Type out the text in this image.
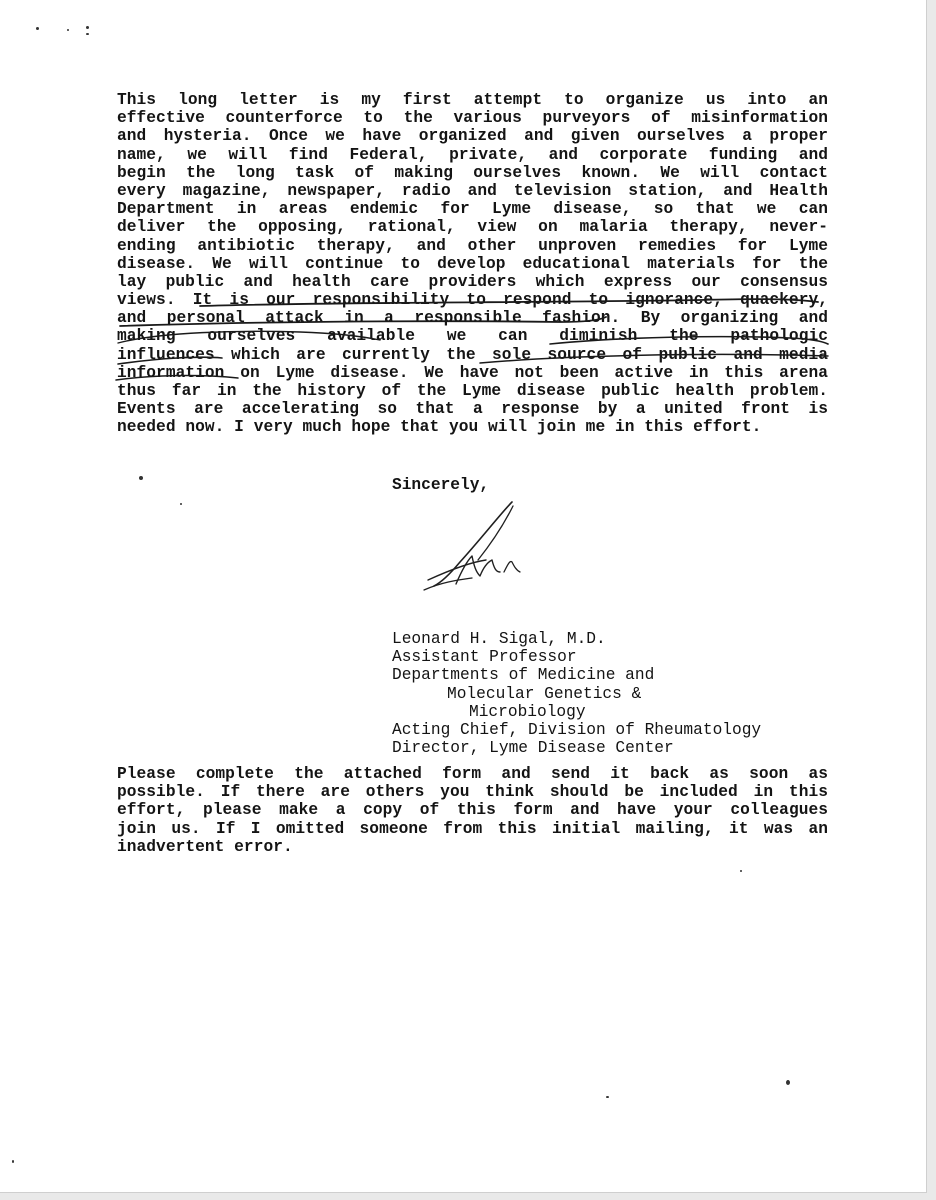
This long letter is my first attempt to organize us into an
effective counterforce to the various purveyors of misinformation
and hysteria. Once we have organized and given ourselves a proper
name, we will find Federal, private, and corporate funding and
begin the long task of making ourselves known. We will contact
every magazine, newspaper, radio and television station, and Health
Department in areas endemic for Lyme disease, so that we can
deliver the opposing, rational, view on malaria therapy, never-
ending antibiotic therapy, and other unproven remedies for Lyme
disease. We will continue to develop educational materials for the
lay public and health care providers which express our consensus
views. It is our responsibility to respond to ignorance, quackery,
and personal attack in a responsible fashion. By organizing and
making ourselves available we can diminish the pathologic
influences which are currently the sole source of public and media
information on Lyme disease. We have not been active in this arena
thus far in the history of the Lyme disease public health problem.
Events are accelerating so that a response by a united front is
needed now. I very much hope that you will join me in this effort.
Sincerely,
Leonard H. Sigal, M.D.
Assistant Professor
Departments of Medicine and
Molecular Genetics &
Microbiology
Acting Chief, Division of Rheumatology
Director, Lyme Disease Center
Please complete the attached form and send it back as soon as
possible. If there are others you think should be included in this
effort, please make a copy of this form and have your colleagues
join us. If I omitted someone from this initial mailing, it was an
inadvertent error.
